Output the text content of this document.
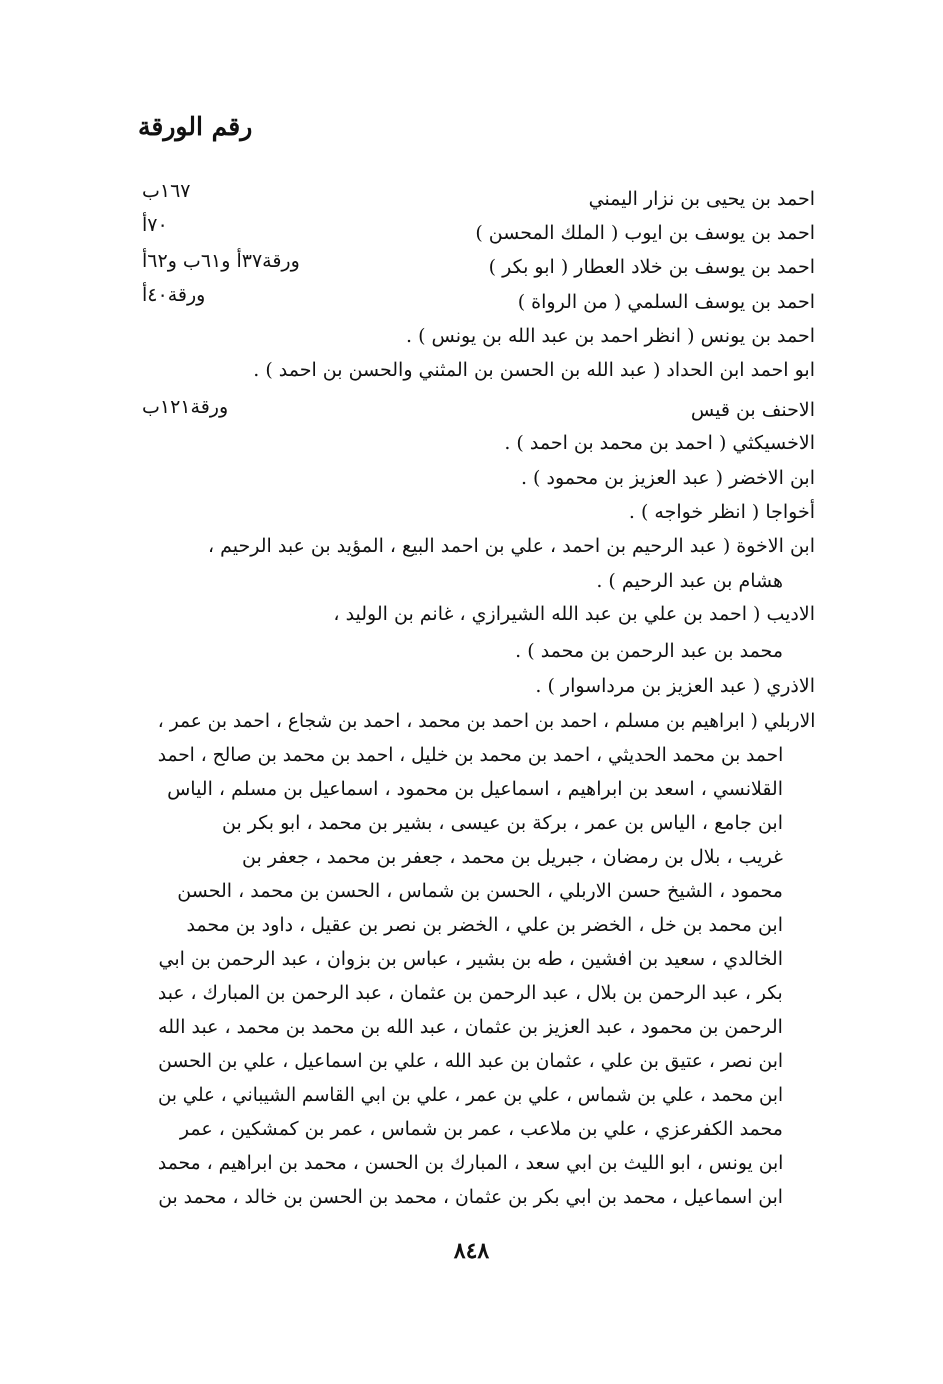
رقم الورقة
احمد بن يحيى بن نزار اليمني
١٦٧ب
احمد بن يوسف بن ايوب ( الملك المحسن )
٧٠أ
احمد بن يوسف بن خلاد العطار ( ابو بكر )
ورقة٣٧أ و٦١ب و٦٢أ
احمد بن يوسف السلمي ( من الرواة )
ورقة٤٠أ
احمد بن يونس ( انظر احمد بن عبد الله بن يونس ) .
ابو احمد ابن الحداد ( عبد الله بن الحسن بن المثني والحسن بن احمد ) .
الاحنف بن قيس
ورقة١٢١ب
الاخسيكثي ( احمد بن محمد بن احمد ) .
ابن الاخضر ( عبد العزيز بن محمود ) .
أخواجا ( انظر خواجه ) .
ابن الاخوة ( عبد الرحيم بن احمد ، علي بن احمد البيع ، المؤيد بن عبد الرحيم ،
هشام بن عبد الرحيم ) .
الاديب ( احمد بن علي بن عبد الله الشيرازي ، غانم بن الوليد ،
محمد بن عبد الرحمن بن محمد ) .
الاذري ( عبد العزيز بن مرداسوار ) .
الاربلي ( ابراهيم بن مسلم ، احمد بن احمد بن محمد ، احمد بن شجاع ، احمد بن عمر ،
احمد بن محمد الحديثي ، احمد بن محمد بن خليل ، احمد بن محمد بن صالح ، احمد
القلانسي ، اسعد بن ابراهيم ، اسماعيل بن محمود ، اسماعيل بن مسلم ، الياس
ابن جامع ، الياس بن عمر ، بركة بن عيسى ، بشير بن محمد ، ابو بكر بن
غريب ، بلال بن رمضان ، جبريل بن محمد ، جعفر بن محمد ، جعفر بن
محمود ، الشيخ حسن الاربلي ، الحسن بن شماس ، الحسن بن محمد ، الحسن
ابن محمد بن خل ، الخضر بن علي ، الخضر بن نصر بن عقيل ، داود بن محمد
الخالدي ، سعيد بن افشين ، طه بن بشير ، عباس بن بزوان ، عبد الرحمن بن ابي
بكر ، عبد الرحمن بن بلال ، عبد الرحمن بن عثمان ، عبد الرحمن بن المبارك ، عبد
الرحمن بن محمود ، عبد العزيز بن عثمان ، عبد الله بن محمد بن محمد ، عبد الله
ابن نصر ، عتيق بن علي ، عثمان بن عبد الله ، علي بن اسماعيل ، علي بن الحسن
ابن محمد ، علي بن شماس ، علي بن عمر ، علي بن ابي القاسم الشيباني ، علي بن
محمد الكفرعزي ، علي بن ملاعب ، عمر بن شماس ، عمر بن كمشكين ، عمر
ابن يونس ، ابو الليث بن ابي سعد ، المبارك بن الحسن ، محمد بن ابراهيم ، محمد
ابن اسماعيل ، محمد بن ابي بكر بن عثمان ، محمد بن الحسن بن خالد ، محمد بن
٨٤٨
